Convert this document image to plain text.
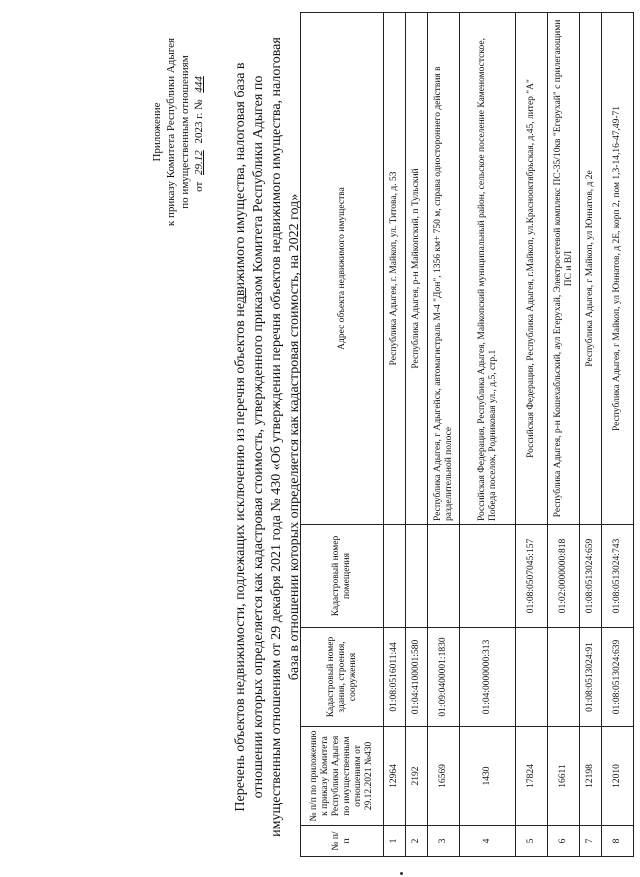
Приложение к приказу Комитета Республики Адыгея по имущественным отношениям от 29.12 2023 г. № 444 Перечень объектов недвижимости, подлежащих исключению из перечня объектов недвижимого имущества, налоговая база в отношении которых определяется как кадастровая стоимость, утвержденного приказом Комитета Республики Адыгея по имущественным отношениям от 29 декабря 2021 года № 430 «Об утверждении перечня объектов недвижимого имущества, налоговая база в отношении которых определяется как кадастровая стоимость, на 2022 год»
№ п/п	№ п/п по приложению к приказу Комитета Республики Адыгея по имущественным отношениям от 29.12.2021 №430	Кадастровый номер здания, строения, сооружения	Кадастровый номер помещения	Адрес объекта недвижимого имущества
1	12964	01:08:0516011:44		Республика Адыгея, г. Майкоп, ул. Титова, д. 53
2	2192	01:04:4100001:580		Республика Адыгея, р-н Майкопский, п Тульский
3	16569	01:09:0400001:1830		Республика Адыгея, г Адыгейск, автомагистраль М-4 "Дон", 1356 км+ 750 м, справа одностороннего действия в разделительной полосе
4	1430	01:04:0000000:313		Российская Федерация, Республика Адыгея, Майкопский муниципальный район, сельское поселение Каменомостское, Победа поселок, Родниковая ул., д.5, стр.1
5	17824		01:08:0507045:157	Российская Федерация, Республика Адыгея, г.Майкоп, ул.Краснооктябрьская, д.45, литер "А"
6	16611		01:02:0000000:818	Республика Адыгея, р-н Кошехабльский, аул Егерухай, Электросетевой комплекс ПС-35/10кв "Егерухай" с прилегающими ПС и ВЛ
7	12198	01:08:0513024:91	01:08:0513024:659	Республика Адыгея, г Майкоп, ул Юннатов, д 2е
8	12010	01:08:0513024:639	01:08:0513024:743	Республика Адыгея, г Майкоп, ул Юннатов, д 2Е, корп 2, пом 1,3-14,16-47,49-71
